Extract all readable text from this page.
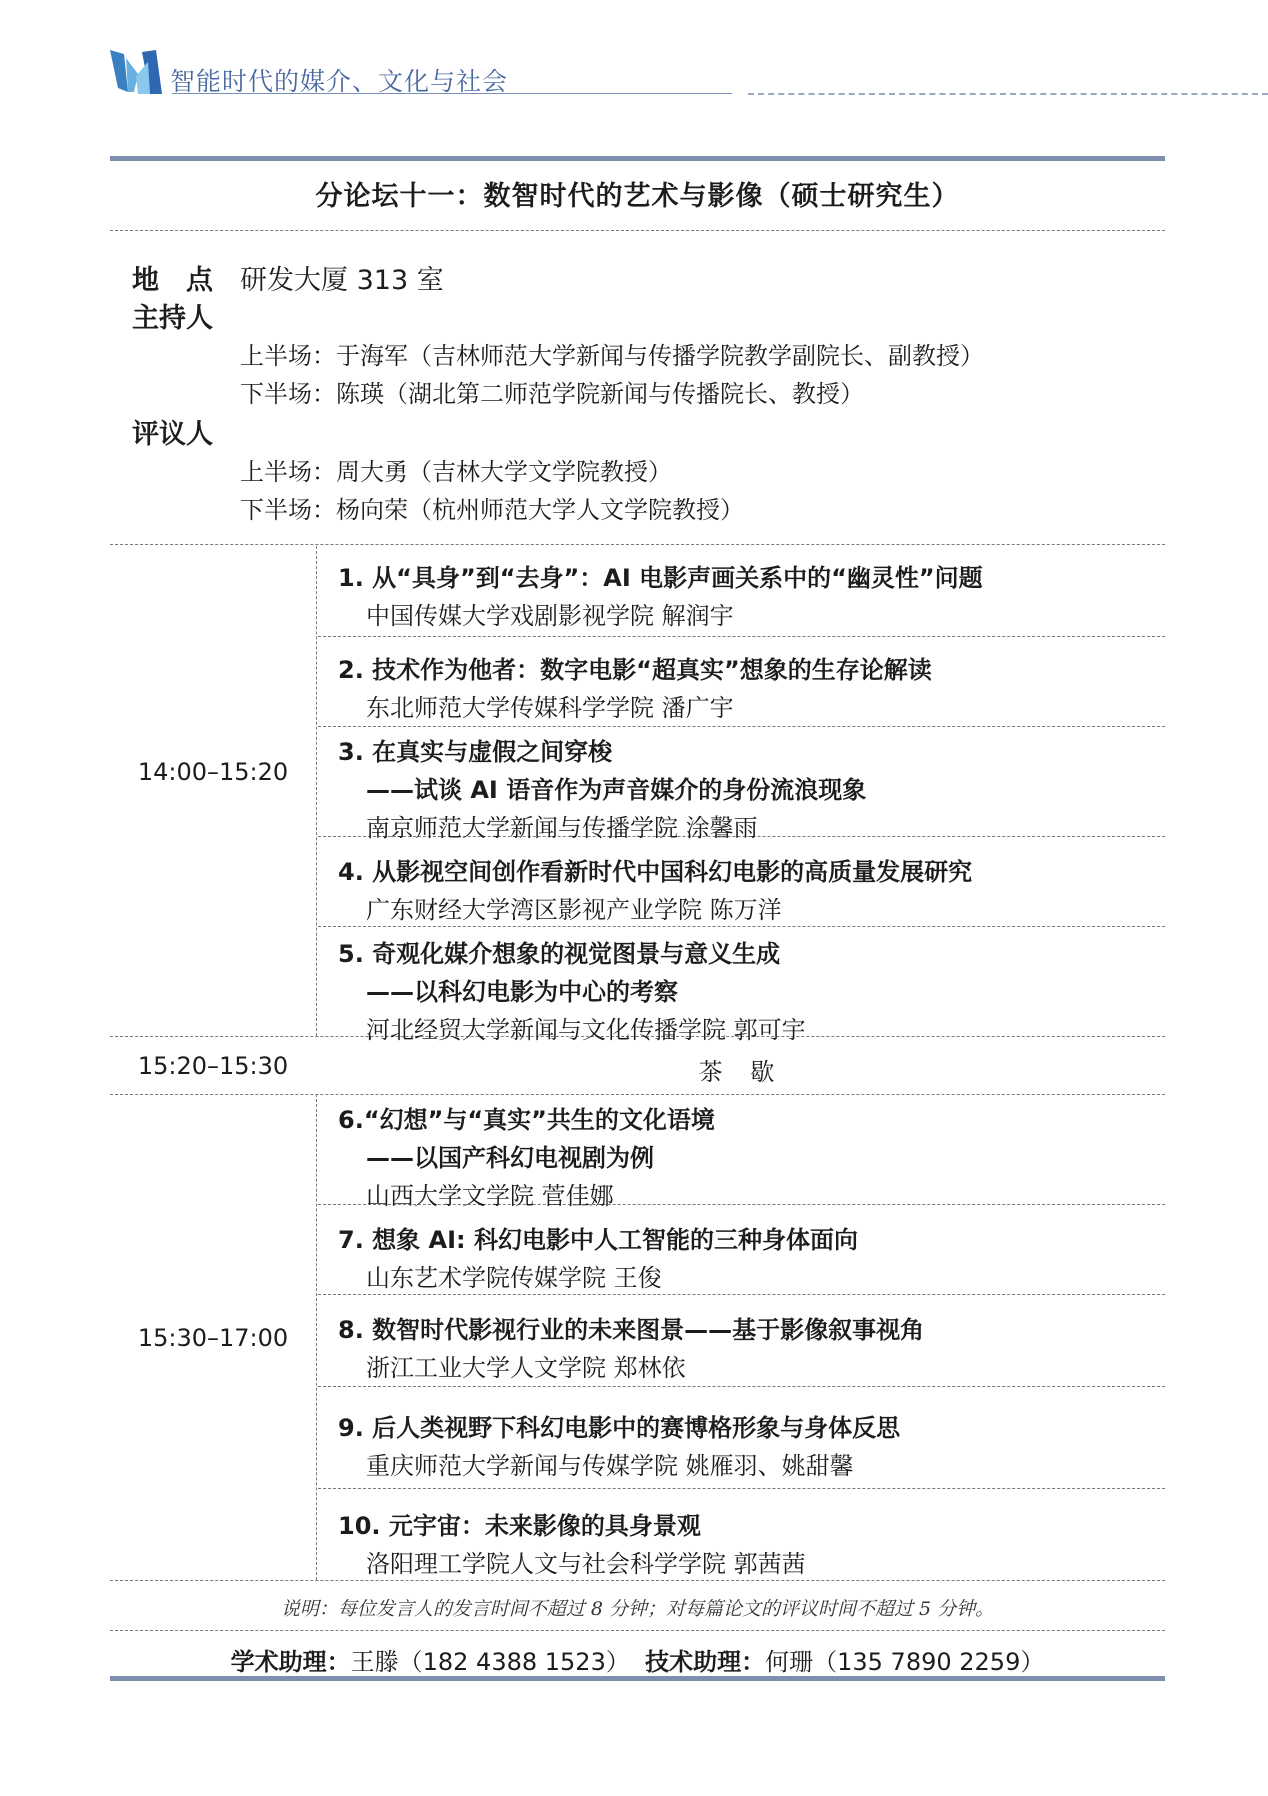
智能时代的媒介、文化与社会
分论坛十一：数智时代的艺术与影像（硕士研究生）
地　点 研发大厦 313 室
主持人
上半场：于海军（吉林师范大学新闻与传播学院教学副院长、副教授）
下半场：陈瑛（湖北第二师范学院新闻与传播院长、教授）
评议人
上半场：周大勇（吉林大学文学院教授）
下半场：杨向荣（杭州师范大学人文学院教授）
14:00–15:20
15:20–15:30	茶 歇
15:30–17:00
1. 从“具身”到“去身”：AI 电影声画关系中的“幽灵性”问题
中国传媒大学戏剧影视学院 解润宇
2. 技术作为他者：数字电影“超真实”想象的生存论解读
东北师范大学传媒科学学院 潘广宇
3. 在真实与虚假之间穿梭
——试谈 AI 语音作为声音媒介的身份流浪现象
南京师范大学新闻与传播学院 涂馨雨
4. 从影视空间创作看新时代中国科幻电影的高质量发展研究
广东财经大学湾区影视产业学院 陈万洋
5. 奇观化媒介想象的视觉图景与意义生成
——以科幻电影为中心的考察
河北经贸大学新闻与文化传播学院 郭可宇
6.“幻想”与“真实”共生的文化语境
——以国产科幻电视剧为例
山西大学文学院 菅佳娜
7. 想象 AI: 科幻电影中人工智能的三种身体面向
山东艺术学院传媒学院 王俊
8. 数智时代影视行业的未来图景——基于影像叙事视角
浙江工业大学人文学院 郑林依
9. 后人类视野下科幻电影中的赛博格形象与身体反思
重庆师范大学新闻与传媒学院 姚雁羽、姚甜馨
10. 元宇宙：未来影像的具身景观
洛阳理工学院人文与社会科学学院 郭茜茜
说明：每位发言人的发言时间不超过 8 分钟；对每篇论文的评议时间不超过 5 分钟。
学术助理：王滕（182 4388 1523） 技术助理：何珊（135 7890 2259）
